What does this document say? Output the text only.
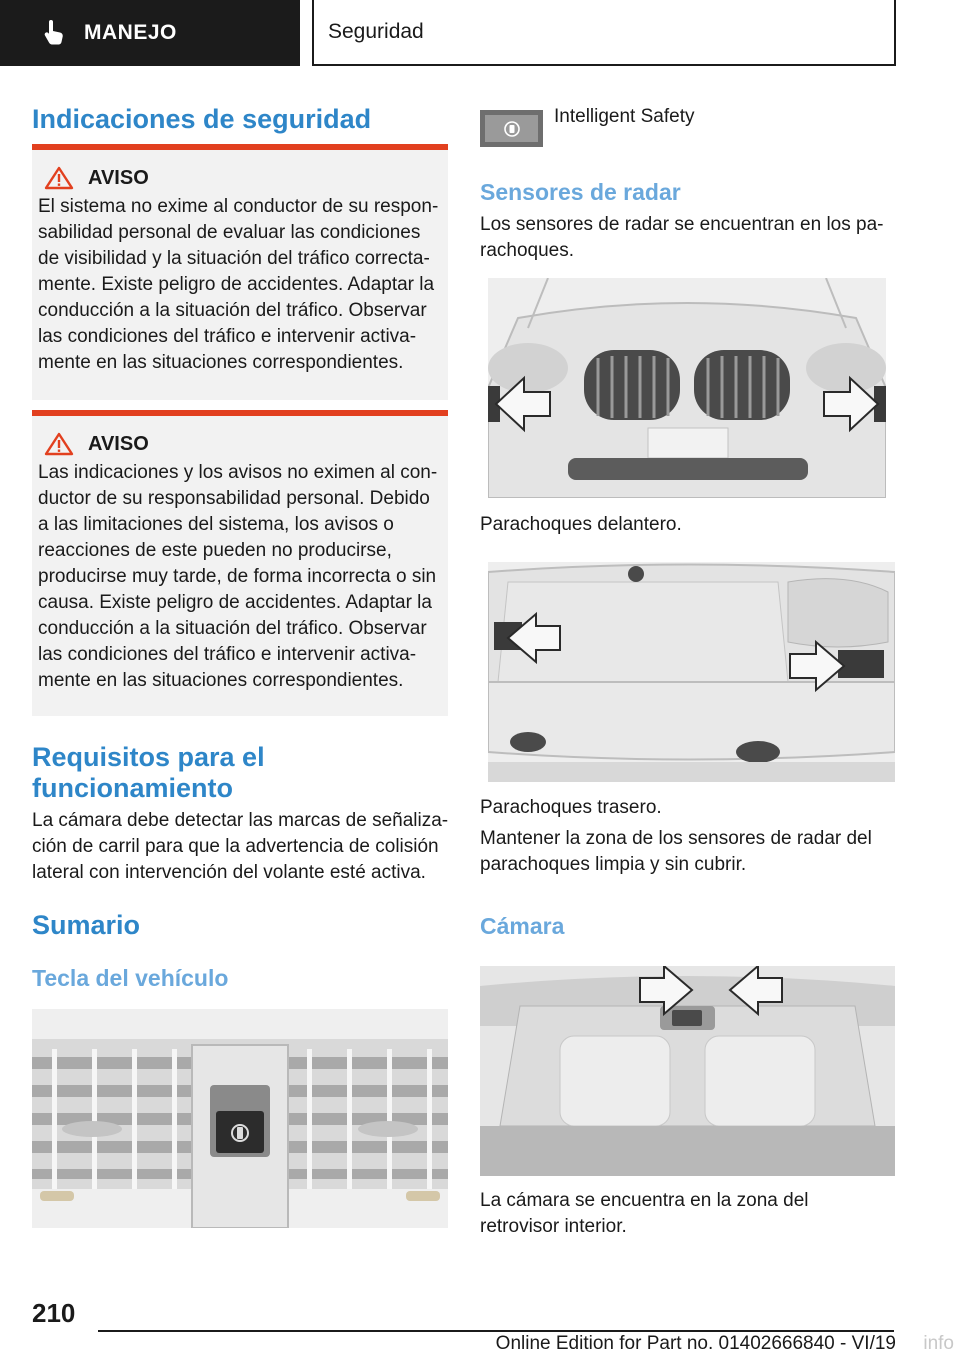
MANEJO	Seguridad
Indicaciones de seguridad
AVISO

El sistema no exime al conductor de su responsabilidad personal de evaluar las condiciones de visibilidad y la situación del tráfico correctamente. Existe peligro de accidentes. Adaptar la conducción a la situación del tráfico. Observar las condiciones del tráfico e intervenir activamente en las situaciones correspondientes.

AVISO

Las indicaciones y los avisos no eximen al conductor de su responsabilidad personal. Debido a las limitaciones del sistema, los avisos o reacciones de este pueden no producirse, producirse muy tarde, de forma incorrecta o sin causa. Existe peligro de accidentes. Adaptar la conducción a la situación del tráfico. Observar las condiciones del tráfico e intervenir activamente en las situaciones correspondientes.

Requisitos para el funcionamiento
La cámara debe detectar las marcas de señalización de carril para que la advertencia de colisión lateral con intervención del volante esté activa.
Sumario
Tecla del vehículo
Intelligent Safety
Sensores de radar
Los sensores de radar se encuentran en los parachoques.
Parachoques delantero.
Parachoques trasero.
Mantener la zona de los sensores de radar del parachoques limpia y sin cubrir.
Cámara
La cámara se encuentra en la zona del retrovisor interior.
210
Online Edition for Part no. 01402666840 - VI/19 info
